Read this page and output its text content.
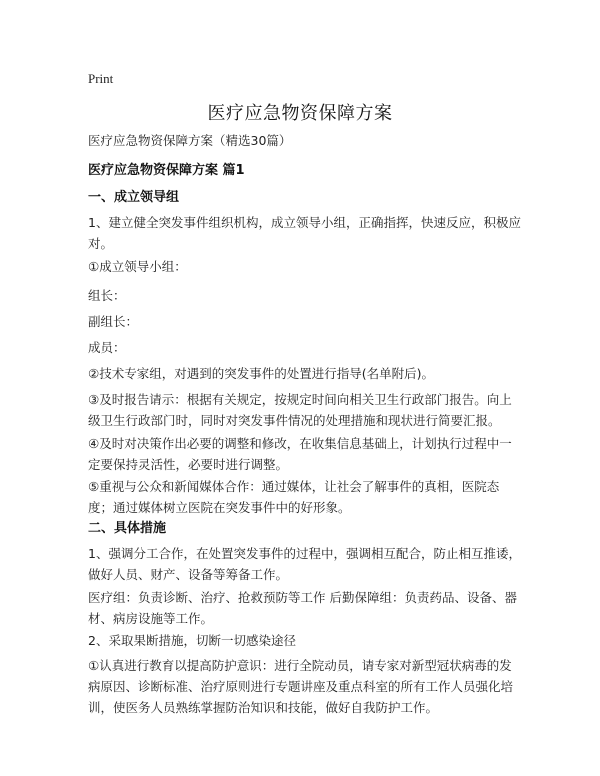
Print
医疗应急物资保障方案
医疗应急物资保障方案（精选30篇）
医疗应急物资保障方案 篇1
一、成立领导组
1、建立健全突发事件组织机构，成立领导小组，正确指挥，快速反应，积极应对。
①成立领导小组：
组长：
副组长：
成员：
②技术专家组，对遇到的突发事件的处置进行指导(名单附后)。
③及时报告请示：根据有关规定，按规定时间向相关卫生行政部门报告。向上级卫生行政部门时，同时对突发事件情况的处理措施和现状进行简要汇报。
④及时对决策作出必要的调整和修改，在收集信息基础上，计划执行过程中一定要保持灵活性，必要时进行调整。
⑤重视与公众和新闻媒体合作：通过媒体，让社会了解事件的真相，医院态度；通过媒体树立医院在突发事件中的好形象。
二、具体措施
1、强调分工合作，在处置突发事件的过程中，强调相互配合，防止相互推诿，做好人员、财产、设备等筹备工作。
医疗组：负责诊断、治疗、抢救预防等工作 后勤保障组：负责药品、设备、器材、病房设施等工作。
2、采取果断措施，切断一切感染途径
①认真进行教育以提高防护意识：进行全院动员，请专家对新型冠状病毒的发病原因、诊断标准、治疗原则进行专题讲座及重点科室的所有工作人员强化培训，使医务人员熟练掌握防治知识和技能，做好自我防护工作。
